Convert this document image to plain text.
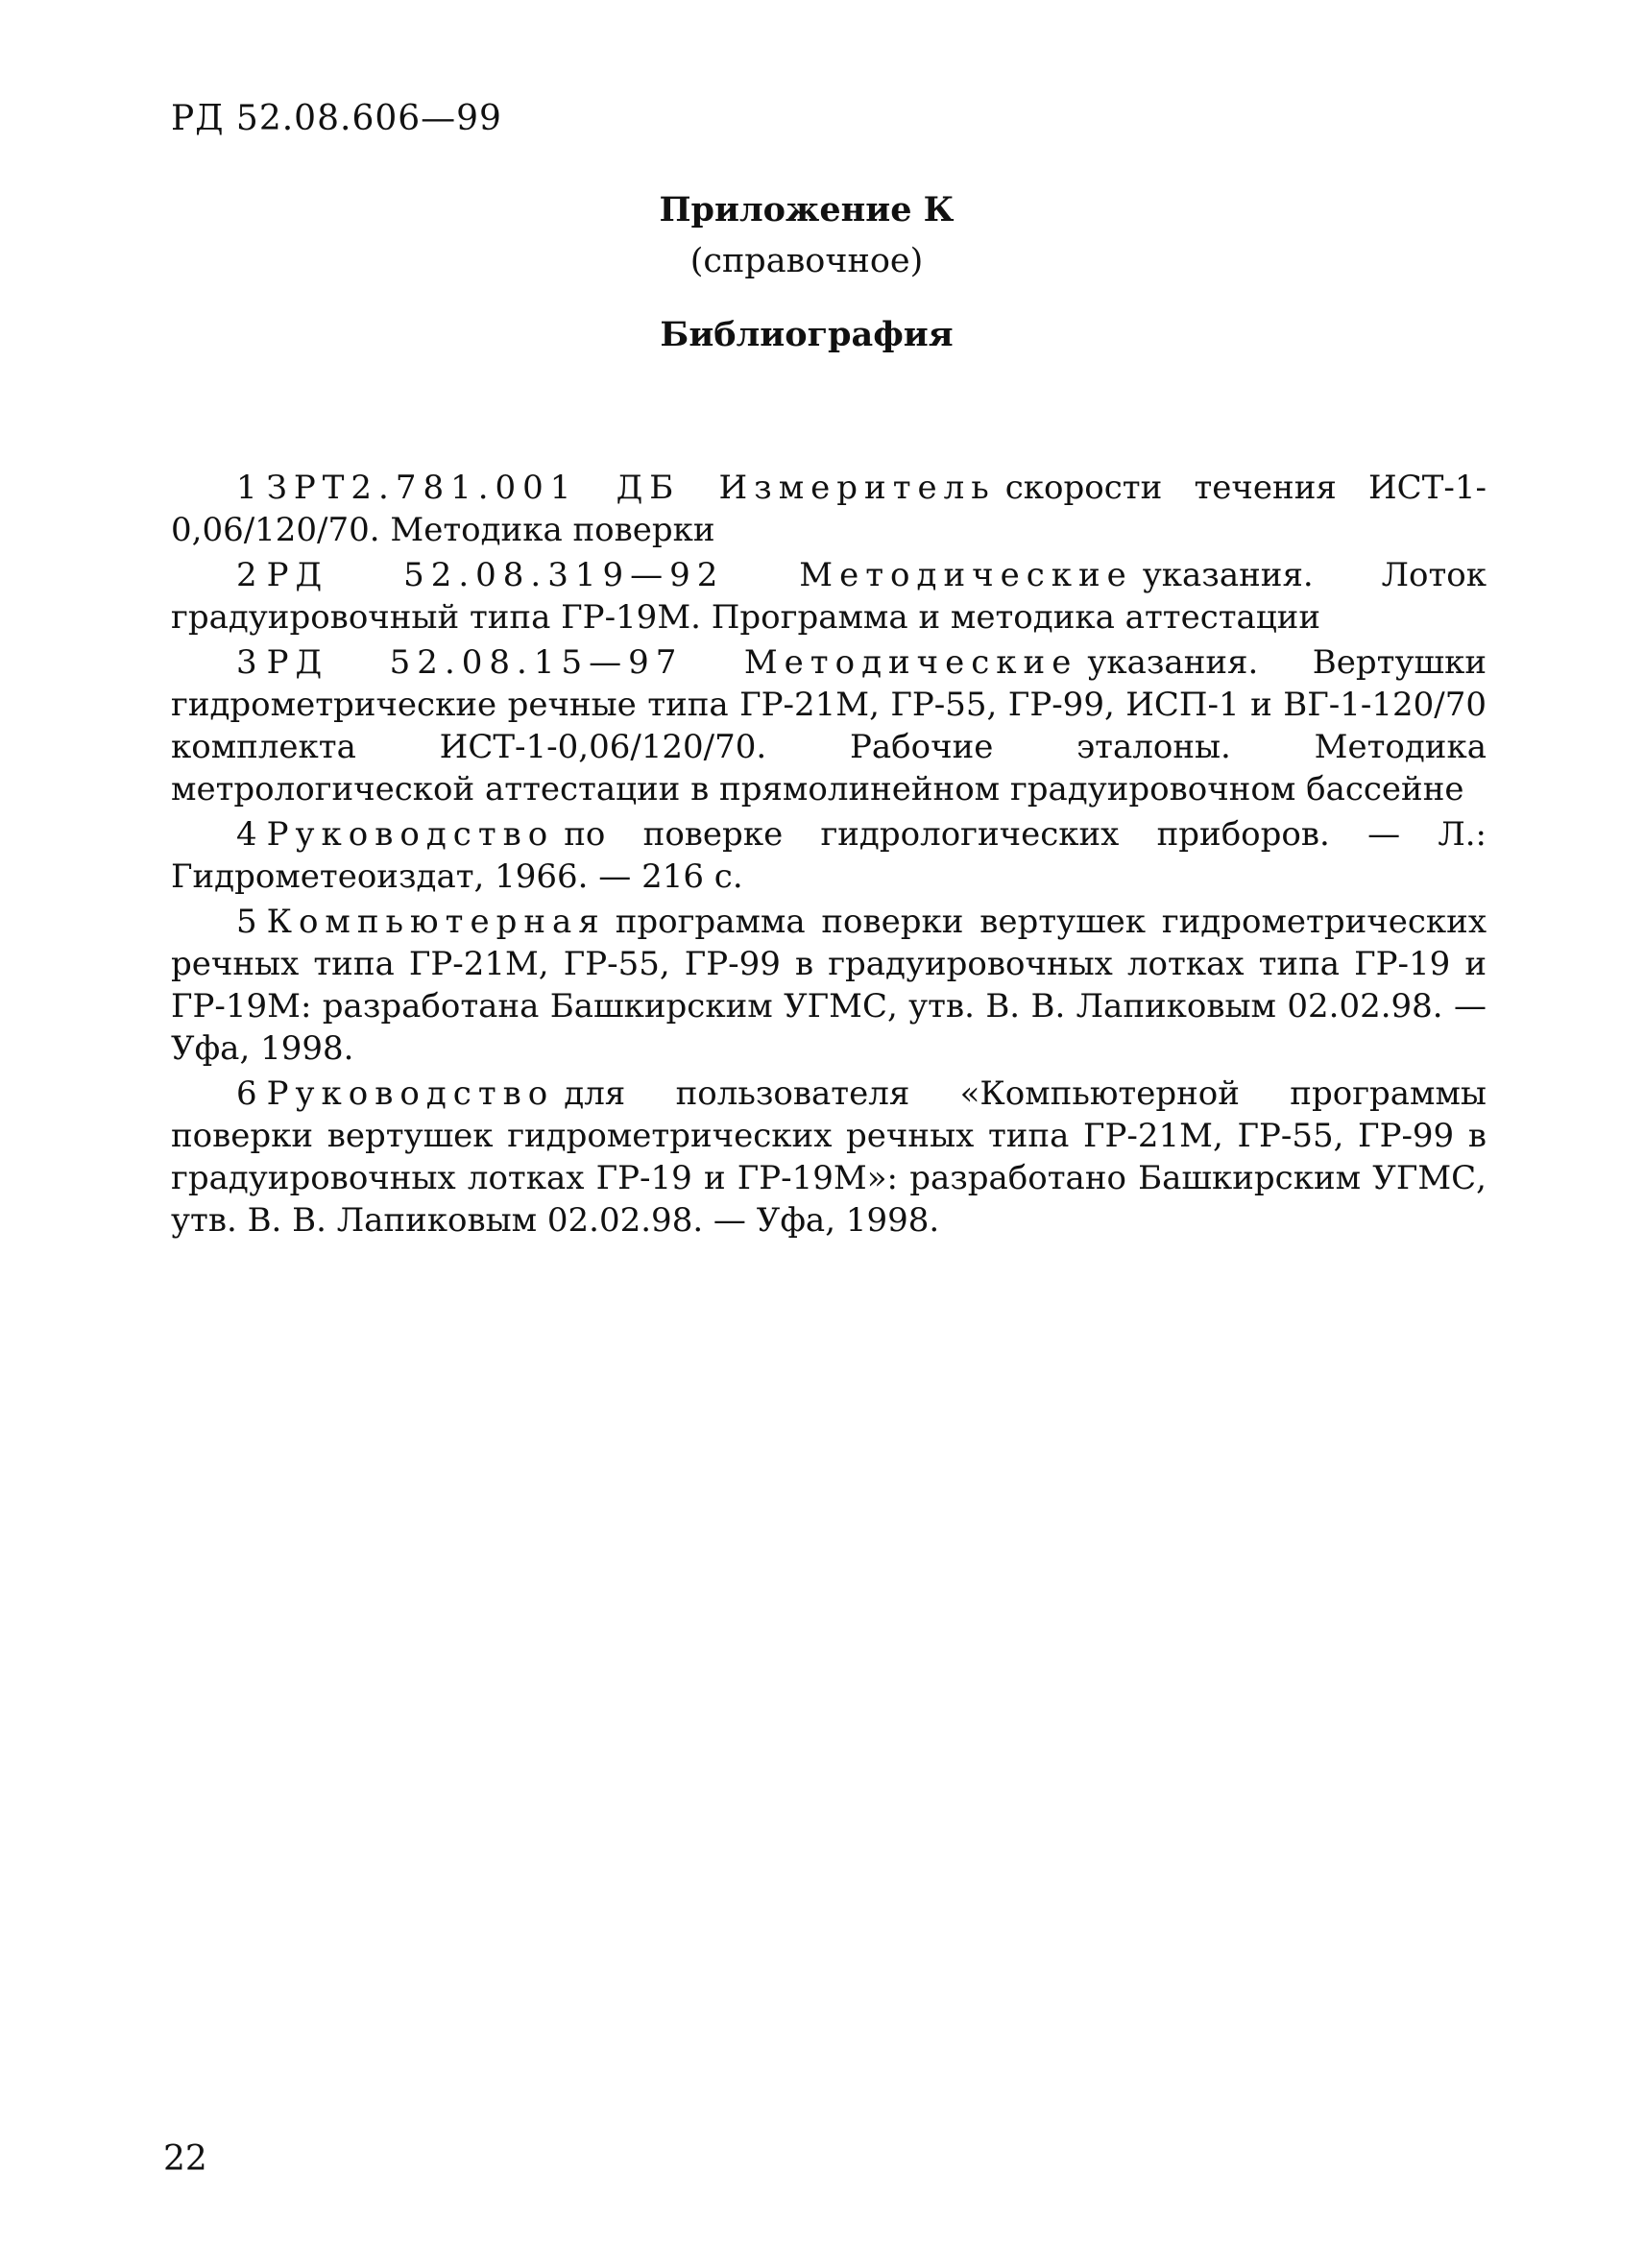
РД 52.08.606—99
Приложение К
(справочное)
Библиография
1 ЗРТ2.781.001 ДБ Измеритель скорости течения ИСТ-1-0,06/120/70. Методика поверки
2 РД 52.08.319—92 Методические указания. Лоток градуировочный типа ГР-19М. Программа и методика аттестации
3 РД 52.08.15—97 Методические указания. Вертушки гидрометрические речные типа ГР-21М, ГР-55, ГР-99, ИСП-1 и ВГ-1-120/70 комплекта ИСТ-1-0,06/120/70. Рабочие эталоны. Методика метрологической аттестации в прямолинейном градуировочном бассейне
4 Руководство по поверке гидрологических приборов. — Л.: Гидрометеоиздат, 1966. — 216 с.
5 Компьютерная программа поверки вертушек гидрометрических речных типа ГР-21М, ГР-55, ГР-99 в градуировочных лотках типа ГР-19 и ГР-19М: разработана Башкирским УГМС, утв. В. В. Лапиковым 02.02.98. — Уфа, 1998.
6 Руководство для пользователя «Компьютерной программы поверки вертушек гидрометрических речных типа ГР-21М, ГР-55, ГР-99 в градуировочных лотках ГР-19 и ГР-19М»: разработано Башкирским УГМС, утв. В. В. Лапиковым 02.02.98. — Уфа, 1998.
22
